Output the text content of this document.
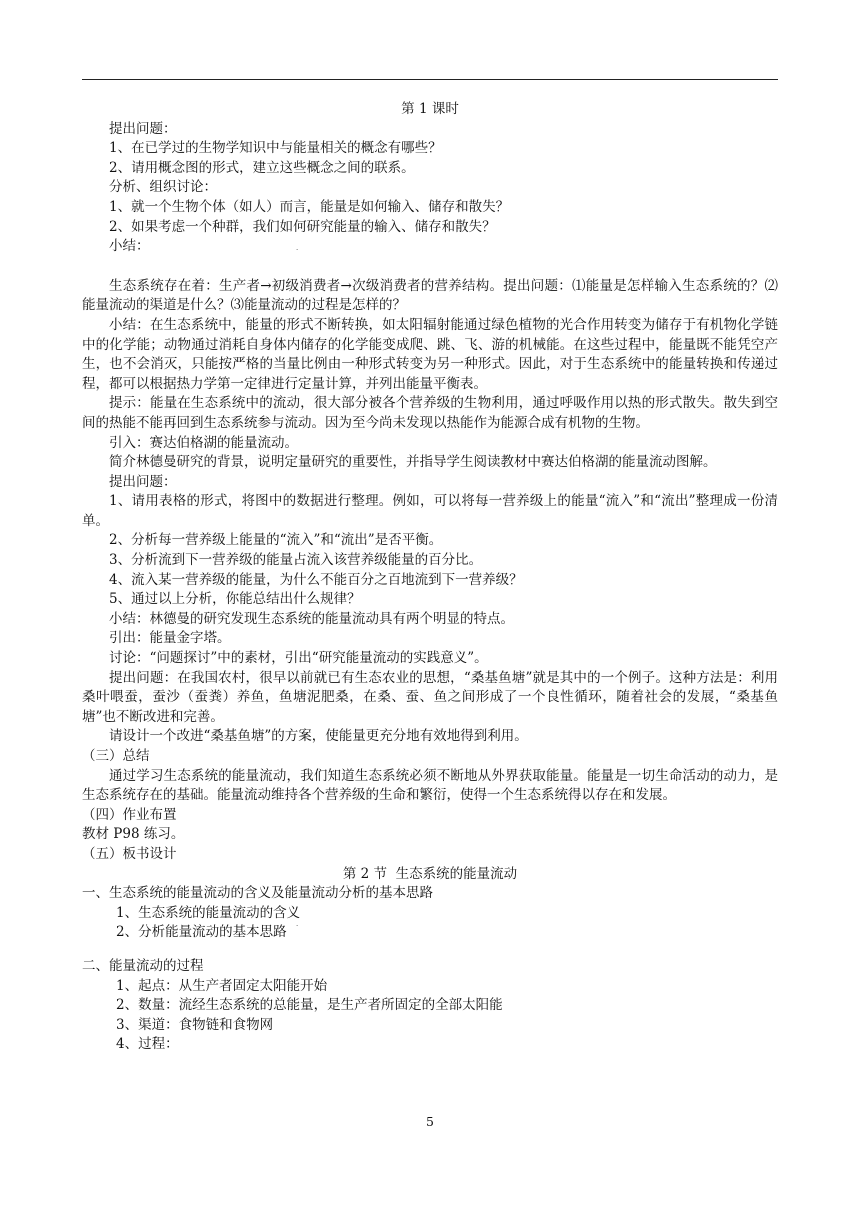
第 1 课时
提出问题：
1、在已学过的生物学知识中与能量相关的概念有哪些？
2、请用概念图的形式，建立这些概念之间的联系。
分析、组织讨论：
1、就一个生物个体（如人）而言，能量是如何输入、储存和散失？
2、如果考虑一个种群，我们如何研究能量的输入、储存和散失？
小结：
生态系统存在着：生产者→初级消费者→次级消费者的营养结构。提出问题：⑴能量是怎样输入生态系统的？⑵能量流动的渠道是什么？⑶能量流动的过程是怎样的？
小结：在生态系统中，能量的形式不断转换，如太阳辐射能通过绿色植物的光合作用转变为储存于有机物化学链中的化学能；动物通过消耗自身体内储存的化学能变成爬、跳、飞、游的机械能。在这些过程中，能量既不能凭空产生，也不会消灭，只能按严格的当量比例由一种形式转变为另一种形式。因此，对于生态系统中的能量转换和传递过程，都可以根据热力学第一定律进行定量计算，并列出能量平衡表。
提示：能量在生态系统中的流动，很大部分被各个营养级的生物利用，通过呼吸作用以热的形式散失。散失到空间的热能不能再回到生态系统参与流动。因为至今尚未发现以热能作为能源合成有机物的生物。
引入：赛达伯格湖的能量流动。
简介林德曼研究的背景，说明定量研究的重要性，并指导学生阅读教材中赛达伯格湖的能量流动图解。
提出问题：
1、请用表格的形式，将图中的数据进行整理。例如，可以将每一营养级上的能量“流入”和“流出”整理成一份清单。
2、分析每一营养级上能量的“流入”和“流出”是否平衡。
3、分析流到下一营养级的能量占流入该营养级能量的百分比。
4、流入某一营养级的能量，为什么不能百分之百地流到下一营养级？
5、通过以上分析，你能总结出什么规律？
小结：林德曼的研究发现生态系统的能量流动具有两个明显的特点。
引出：能量金字塔。
讨论：“问题探讨”中的素材，引出“研究能量流动的实践意义”。
提出问题：在我国农村，很早以前就已有生态农业的思想，“桑基鱼塘”就是其中的一个例子。这种方法是：利用桑叶喂蚕，蚕沙（蚕粪）养鱼，鱼塘泥肥桑，在桑、蚕、鱼之间形成了一个良性循环，随着社会的发展，“桑基鱼塘”也不断改进和完善。
请设计一个改进“桑基鱼塘”的方案，使能量更充分地有效地得到利用。
（三）总结
通过学习生态系统的能量流动，我们知道生态系统必须不断地从外界获取能量。能量是一切生命活动的动力，是生态系统存在的基础。能量流动维持各个营养级的生命和繁衍，使得一个生态系统得以存在和发展。
（四）作业布置
教材 P98 练习。
（五）板书设计
第 2 节  生态系统的能量流动
一、生态系统的能量流动的含义及能量流动分析的基本思路
1、生态系统的能量流动的含义
2、分析能量流动的基本思路
二、能量流动的过程
1、起点：从生产者固定太阳能开始
2、数量：流经生态系统的总能量，是生产者所固定的全部太阳能
3、渠道：食物链和食物网
4、过程：
5
·
·
